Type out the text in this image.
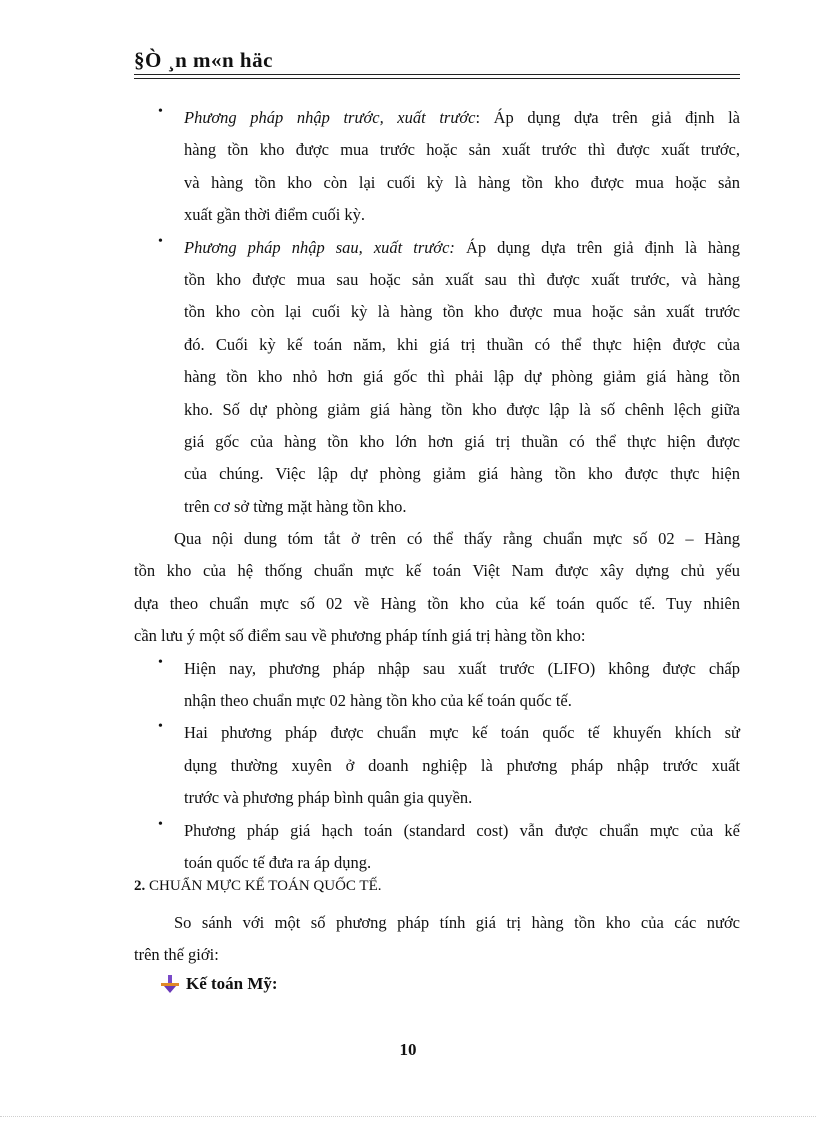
§Ò ¸n m«n häc
• Phương pháp nhập trước, xuất trước: Áp dụng dựa trên giả định là
hàng tồn kho được mua trước hoặc sản xuất trước thì được xuất trước,
và hàng tồn kho còn lại cuối kỳ là hàng tồn kho được mua hoặc sản
xuất gần thời điểm cuối kỳ.
• Phương pháp nhập sau, xuất trước: Áp dụng dựa trên giả định là hàng
tồn kho được mua sau hoặc sản xuất sau thì được xuất trước, và hàng
tồn kho còn lại cuối kỳ là hàng tồn kho được mua hoặc sản xuất trước
đó. Cuối kỳ kế toán năm, khi giá trị thuần có thể thực hiện được của
hàng tồn kho nhỏ hơn giá gốc thì phải lập dự phòng giảm giá hàng tồn
kho. Số dự phòng giảm giá hàng tồn kho được lập là số chênh lệch giữa
giá gốc của hàng tồn kho lớn hơn giá trị thuần có thể thực hiện được
của chúng. Việc lập dự phòng giảm giá hàng tồn kho được thực hiện
trên cơ sở từng mặt hàng tồn kho.
Qua nội dung tóm tắt ở trên có thể thấy rằng chuẩn mực số 02 – Hàng
tồn kho của hệ thống chuẩn mực kế toán Việt Nam được xây dựng chủ yếu
dựa theo chuẩn mực số 02 về Hàng tồn kho của kế toán quốc tế. Tuy nhiên
cần lưu ý một số điểm sau về phương pháp tính giá trị hàng tồn kho:
• Hiện nay, phương pháp nhập sau xuất trước (LIFO) không được chấp
nhận theo chuẩn mực 02 hàng tồn kho của kế toán quốc tế.
• Hai phương pháp được chuẩn mực kế toán quốc tế khuyến khích sử
dụng thường xuyên ở doanh nghiệp là phương pháp nhập trước xuất
trước và phương pháp bình quân gia quyền.
• Phương pháp giá hạch toán (standard cost) vẫn được chuẩn mực của kế
toán quốc tế đưa ra áp dụng.
2. CHUẨN MỰC KẾ TOÁN QUỐC TẾ.
So sánh với một số phương pháp tính giá trị hàng tồn kho của các nước
trên thế giới:
Kế toán Mỹ:
10
